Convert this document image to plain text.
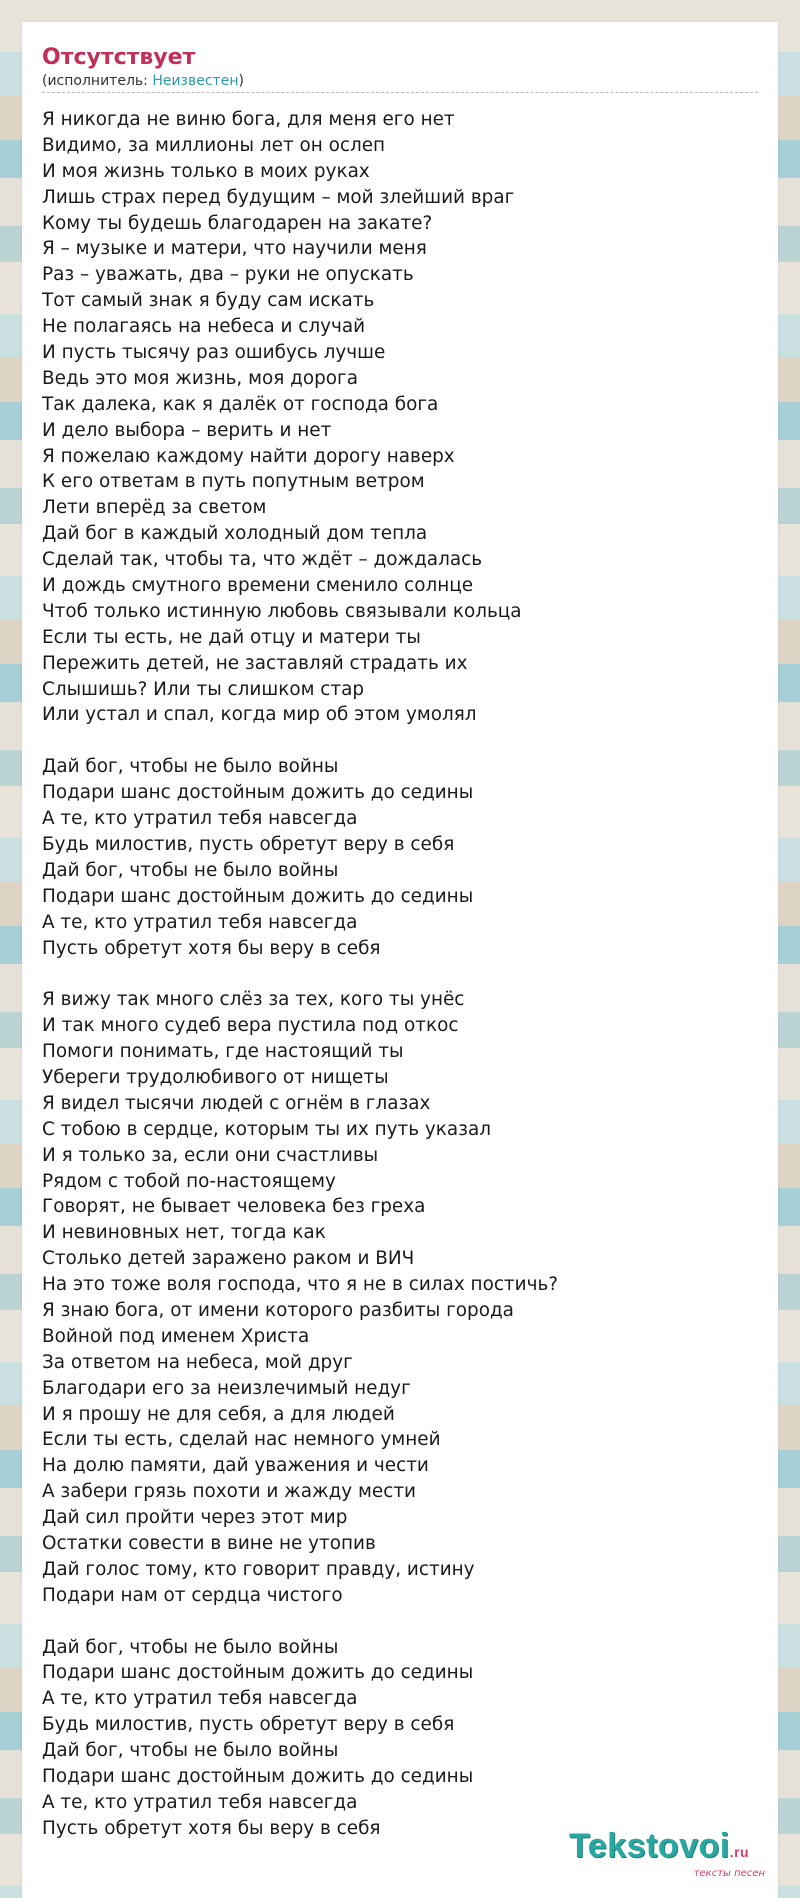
Отсутствует
(исполнитель: Неизвестен)
Я никогда не виню бога, для меня его нет
Видимо, за миллионы лет он ослеп
И моя жизнь только в моих руках
Лишь страх перед будущим – мой злейший враг
Кому ты будешь благодарен на закате?
Я – музыке и матери, что научили меня
Раз – уважать, два – руки не опускать
Тот самый знак я буду сам искать
Не полагаясь на небеса и случай
И пусть тысячу раз ошибусь лучше
Ведь это моя жизнь, моя дорога
Так далека, как я далёк от господа бога
И дело выбора – верить и нет
Я пожелаю каждому найти дорогу наверх
К его ответам в путь попутным ветром
Лети вперёд за светом
Дай бог в каждый холодный дом тепла
Сделай так, чтобы та, что ждёт – дождалась
И дождь смутного времени сменило солнце
Чтоб только истинную любовь связывали кольца
Если ты есть, не дай отцу и матери ты
Пережить детей, не заставляй страдать их
Слышишь? Или ты слишком стар
Или устал и спал, когда мир об этом умолял
Дай бог, чтобы не было войны
Подари шанс достойным дожить до седины
А те, кто утратил тебя навсегда
Будь милостив, пусть обретут веру в себя
Дай бог, чтобы не было войны
Подари шанс достойным дожить до седины
А те, кто утратил тебя навсегда
Пусть обретут хотя бы веру в себя
Я вижу так много слёз за тех, кого ты унёс
И так много судеб вера пустила под откос
Помоги понимать, где настоящий ты
Убереги трудолюбивого от нищеты
Я видел тысячи людей с огнём в глазах
С тобою в сердце, которым ты их путь указал
И я только за, если они счастливы
Рядом с тобой по-настоящему
Говорят, не бывает человека без греха
И невиновных нет, тогда как
Столько детей заражено раком и ВИЧ
На это тоже воля господа, что я не в силах постичь?
Я знаю бога, от имени которого разбиты города
Войной под именем Христа
За ответом на небеса, мой друг
Благодари его за неизлечимый недуг
И я прошу не для себя, а для людей
Если ты есть, сделай нас немного умней
На долю памяти, дай уважения и чести
А забери грязь похоти и жажду мести
Дай сил пройти через этот мир
Остатки совести в вине не утопив
Дай голос тому, кто говорит правду, истину
Подари нам от сердца чистого
Дай бог, чтобы не было войны
Подари шанс достойным дожить до седины
А те, кто утратил тебя навсегда
Будь милостив, пусть обретут веру в себя
Дай бог, чтобы не было войны
Подари шанс достойным дожить до седины
А те, кто утратил тебя навсегда
Пусть обретут хотя бы веру в себя	Tekstovoi.ru
тексты песен
